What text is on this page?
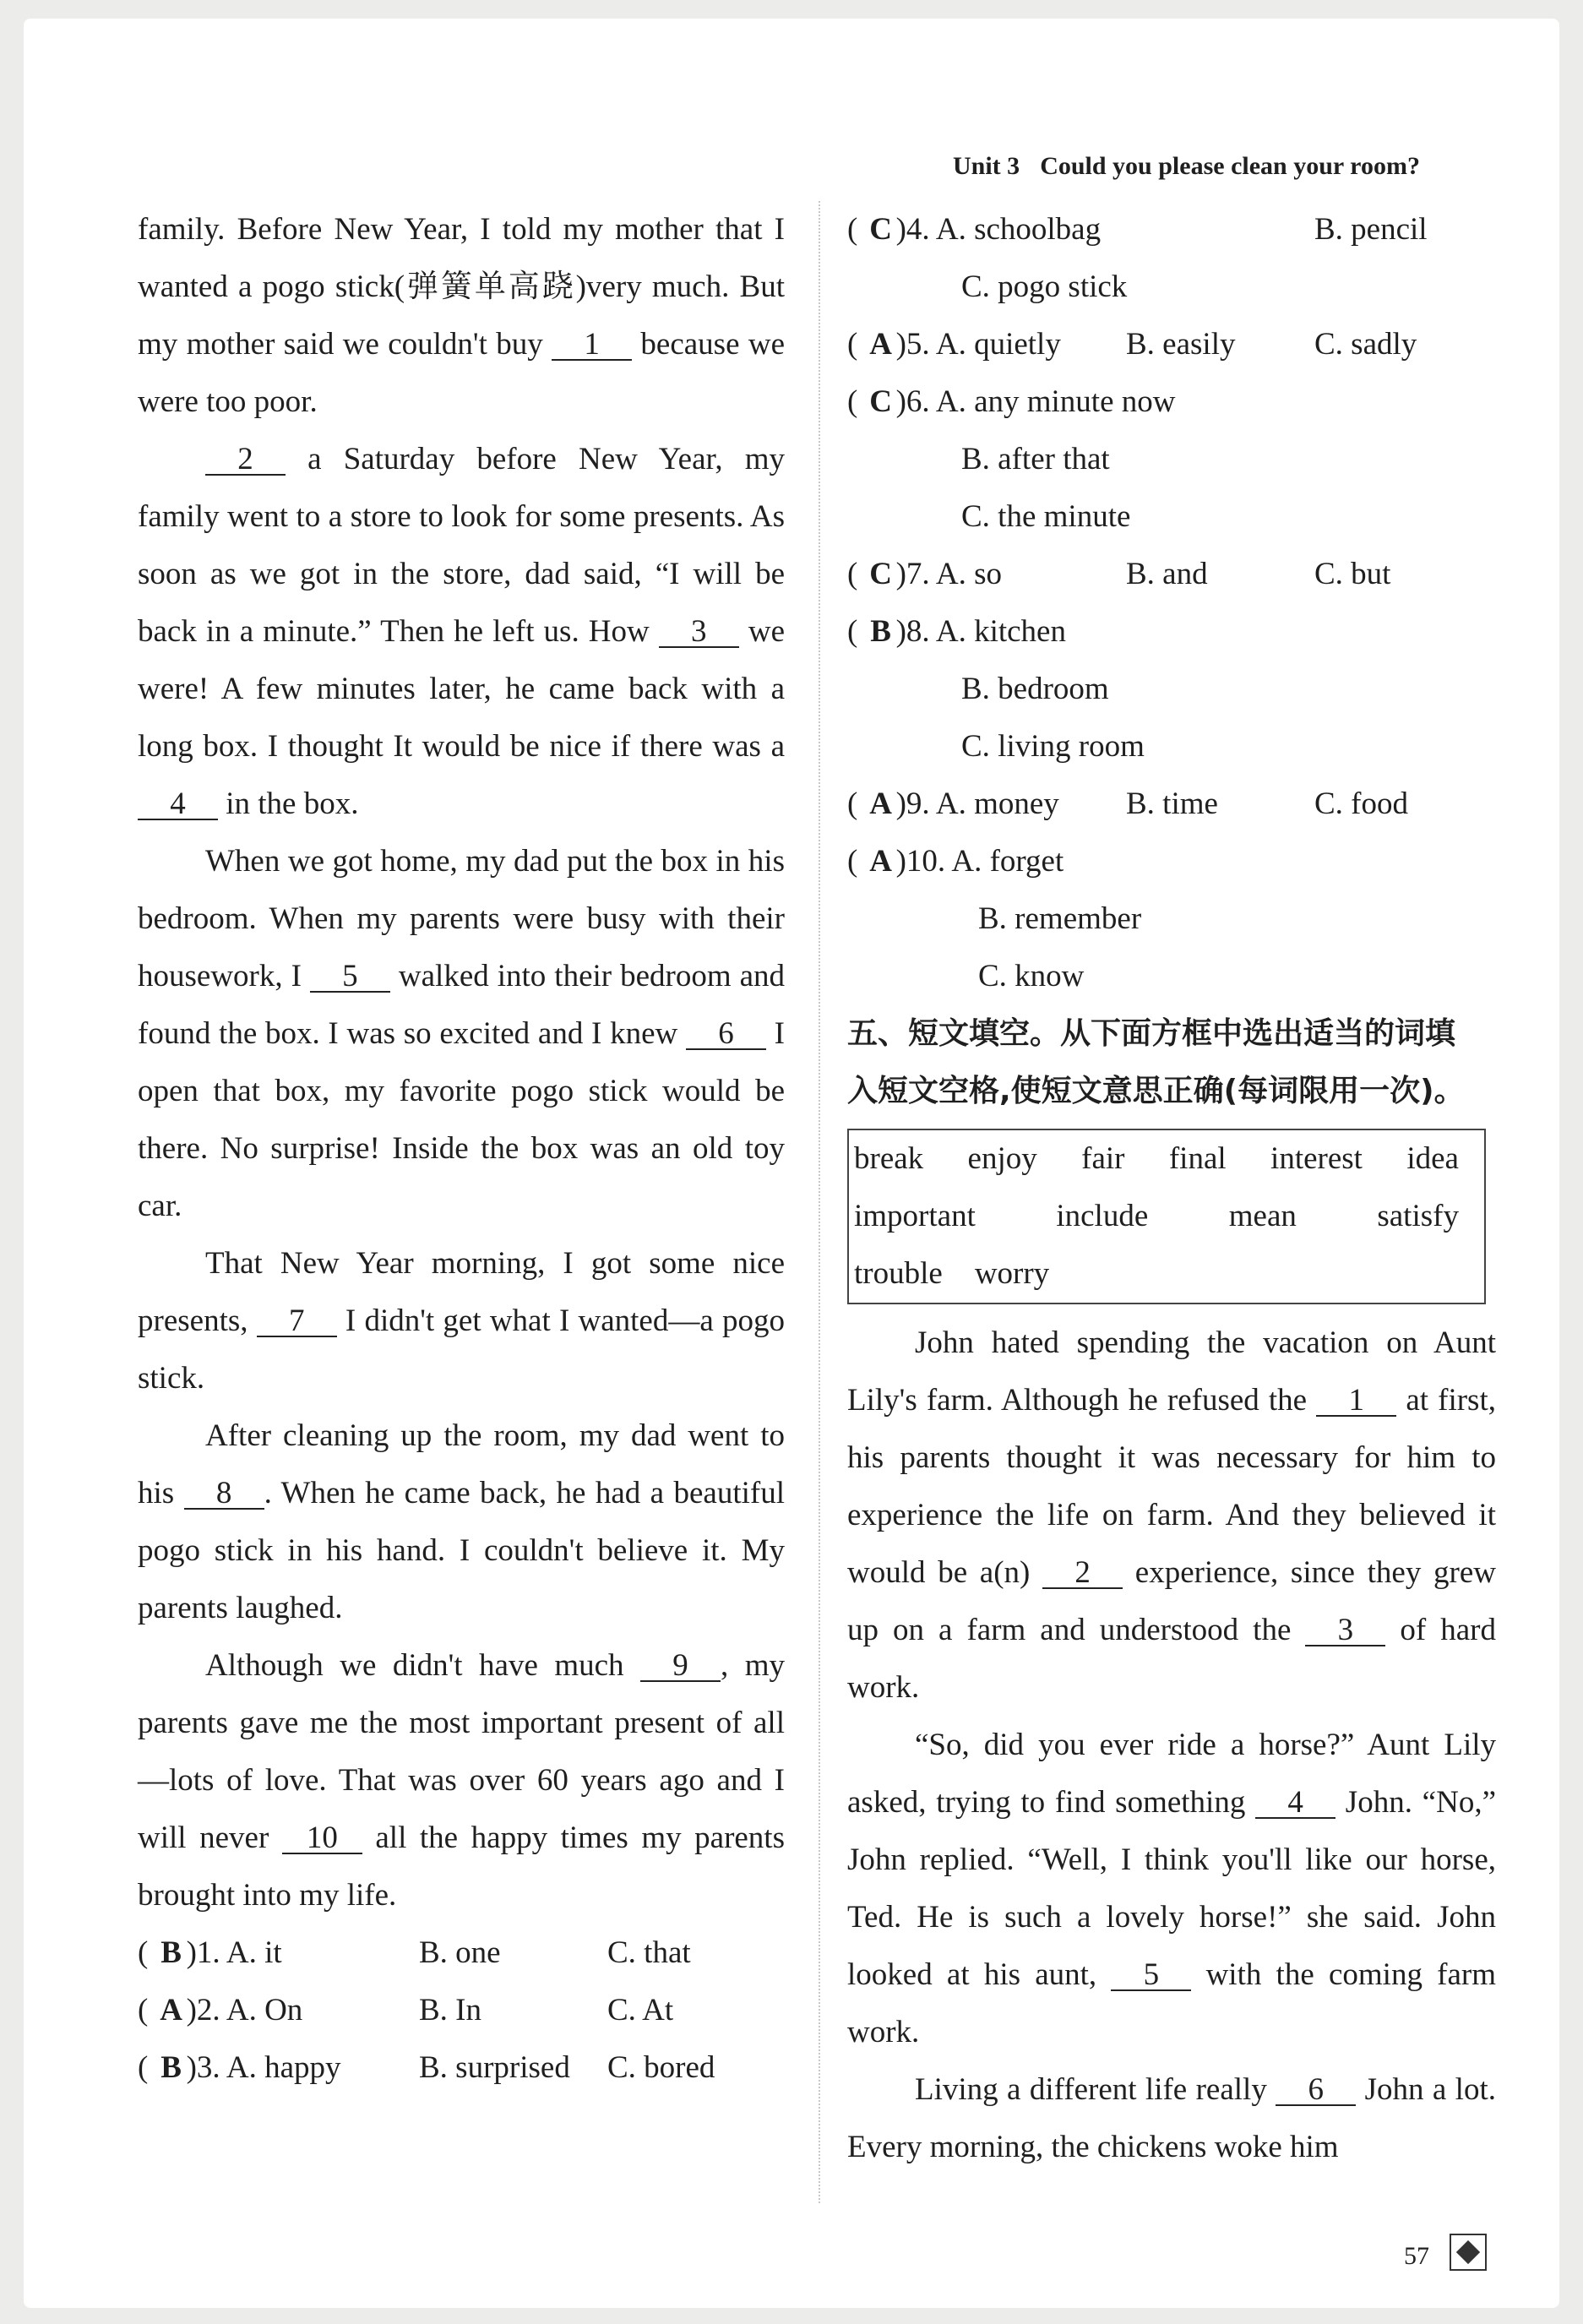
Unit 3 Could you please clean your room?

family. Before New Year, I told my mother that I wanted a pogo stick(弹簧单高跷)very much. But my mother said we couldn't buy 1 because we were too poor.

2 a Saturday before New Year, my family went to a store to look for some presents. As soon as we got in the store, dad said, “I will be back in a minute.” Then he left us. How 3 we were! A few minutes later, he came back with a long box. I thought It would be nice if there was a 4 in the box.

When we got home, my dad put the box in his bedroom. When my parents were busy with their housework, I 5 walked into their bedroom and found the box. I was so excited and I knew 6 I open that box, my favorite pogo stick would be there. No surprise! Inside the box was an old toy car.

That New Year morning, I got some nice presents, 7 I didn't get what I wanted—a pogo stick.

After cleaning up the room, my dad went to his 8 . When he came back, he had a beautiful pogo stick in his hand. I couldn't believe it. My parents laughed.

Although we didn't have much 9 , my parents gave me the most important present of all—lots of love. That was over 60 years ago and I will never 10 all the happy times my parents brought into my life.

( B )1. A. it	B. one	C. that
( A )2. A. On	B. In	C. At
( B )3. A. happy B. surprised C. bored
( C )4. A. schoolbag	B. pencil
C. pogo stick
( A )5. A. quietly B. easily	C. sadly
( C )6. A. any minute now
B. after that
C. the minute
( C )7. A. so	B. and	C. but
( B )8. A. kitchen
B. bedroom
C. living room
( A )9. A. money B. time	C. food
( A )10. A. forget
B. remember
C. know

五、短文填空。从下面方框中选出适当的词填

入短文空格,使短文意思正确(每词限用一次)。

break enjoy fair final interest idea
important	include	mean	satisfy
trouble worry

John hated spending the vacation on Aunt Lily's farm. Although he refused the 1 at first, his parents thought it was necessary for him to experience the life on farm. And they believed it would be a(n) 2 experience, since they grew up on a farm and understood the 3 of hard work.

“So, did you ever ride a horse?” Aunt Lily asked, trying to find something 4 John. “No,” John replied. “Well, I think you'll like our horse, Ted. He is such a lovely horse!” she said. John looked at his aunt, 5 with the coming farm work.

Living a different life really 6 John a lot. Every morning, the chickens woke him

57
